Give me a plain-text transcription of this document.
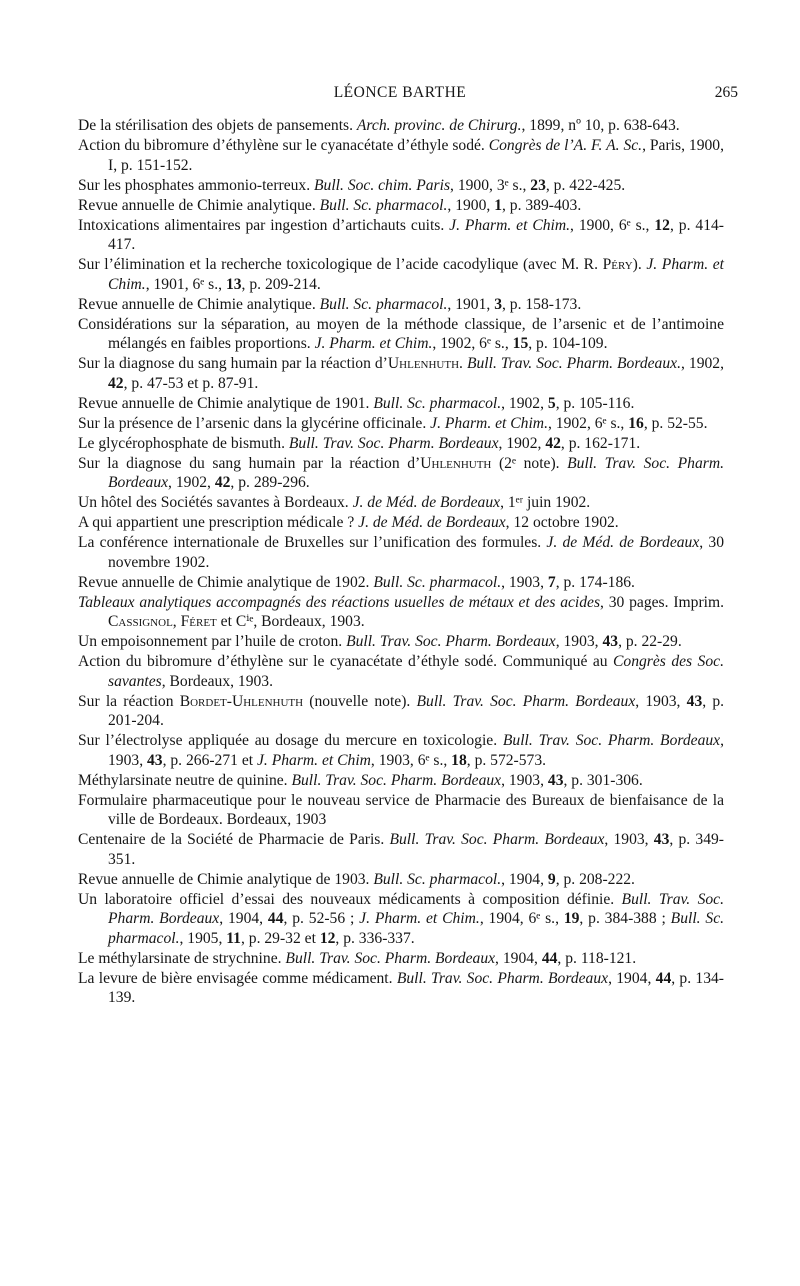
LÉONCE BARTHE	265
De la stérilisation des objets de pansements. Arch. provinc. de Chirurg., 1899, nº 10, p. 638-643.
Action du bibromure d’éthylène sur le cyanacétate d’éthyle sodé. Congrès de l’A. F. A. Sc., Paris, 1900, I, p. 151-152.
Sur les phosphates ammonio-terreux. Bull. Soc. chim. Paris, 1900, 3ᵉ s., 23, p. 422-425.
Revue annuelle de Chimie analytique. Bull. Sc. pharmacol., 1900, 1, p. 389-403.
Intoxications alimentaires par ingestion d’artichauts cuits. J. Pharm. et Chim., 1900, 6ᵉ s., 12, p. 414-417.
Sur l’élimination et la recherche toxicologique de l’acide cacodylique (avec M. R. Péry). J. Pharm. et Chim., 1901, 6ᵉ s., 13, p. 209-214.
Revue annuelle de Chimie analytique. Bull. Sc. pharmacol., 1901, 3, p. 158-173.
Considérations sur la séparation, au moyen de la méthode classique, de l’arsenic et de l’antimoine mélangés en faibles proportions. J. Pharm. et Chim., 1902, 6ᵉ s., 15, p. 104-109.
Sur la diagnose du sang humain par la réaction d’Uhlenhuth. Bull. Trav. Soc. Pharm. Bordeaux., 1902, 42, p. 47-53 et p. 87-91.
Revue annuelle de Chimie analytique de 1901. Bull. Sc. pharmacol., 1902, 5, p. 105-116.
Sur la présence de l’arsenic dans la glycérine officinale. J. Pharm. et Chim., 1902, 6ᵉ s., 16, p. 52-55.
Le glycérophosphate de bismuth. Bull. Trav. Soc. Pharm. Bordeaux, 1902, 42, p. 162-171.
Sur la diagnose du sang humain par la réaction d’Uhlenhuth (2ᵉ note). Bull. Trav. Soc. Pharm. Bordeaux, 1902, 42, p. 289-296.
Un hôtel des Sociétés savantes à Bordeaux. J. de Méd. de Bordeaux, 1ᵉʳ juin 1902.
A qui appartient une prescription médicale ? J. de Méd. de Bordeaux, 12 octobre 1902.
La conférence internationale de Bruxelles sur l’unification des formules. J. de Méd. de Bordeaux, 30 novembre 1902.
Revue annuelle de Chimie analytique de 1902. Bull. Sc. pharmacol., 1903, 7, p. 174-186.
Tableaux analytiques accompagnés des réactions usuelles de métaux et des acides, 30 pages. Imprim. Cassignol, Féret et Cⁱᵉ, Bordeaux, 1903.
Un empoisonnement par l’huile de croton. Bull. Trav. Soc. Pharm. Bordeaux, 1903, 43, p. 22-29.
Action du bibromure d’éthylène sur le cyanacétate d’éthyle sodé. Communiqué au Congrès des Soc. savantes, Bordeaux, 1903.
Sur la réaction Bordet-Uhlenhuth (nouvelle note). Bull. Trav. Soc. Pharm. Bordeaux, 1903, 43, p. 201-204.
Sur l’électrolyse appliquée au dosage du mercure en toxicologie. Bull. Trav. Soc. Pharm. Bordeaux, 1903, 43, p. 266-271 et J. Pharm. et Chim, 1903, 6ᵉ s., 18, p. 572-573.
Méthylarsinate neutre de quinine. Bull. Trav. Soc. Pharm. Bordeaux, 1903, 43, p. 301-306.
Formulaire pharmaceutique pour le nouveau service de Pharmacie des Bureaux de bienfaisance de la ville de Bordeaux. Bordeaux, 1903
Centenaire de la Société de Pharmacie de Paris. Bull. Trav. Soc. Pharm. Bordeaux, 1903, 43, p. 349-351.
Revue annuelle de Chimie analytique de 1903. Bull. Sc. pharmacol., 1904, 9, p. 208-222.
Un laboratoire officiel d’essai des nouveaux médicaments à composition définie. Bull. Trav. Soc. Pharm. Bordeaux, 1904, 44, p. 52-56 ; J. Pharm. et Chim., 1904, 6ᵉ s., 19, p. 384-388 ; Bull. Sc. pharmacol., 1905, 11, p. 29-32 et 12, p. 336-337.
Le méthylarsinate de strychnine. Bull. Trav. Soc. Pharm. Bordeaux, 1904, 44, p. 118-121.
La levure de bière envisagée comme médicament. Bull. Trav. Soc. Pharm. Bordeaux, 1904, 44, p. 134-139.
